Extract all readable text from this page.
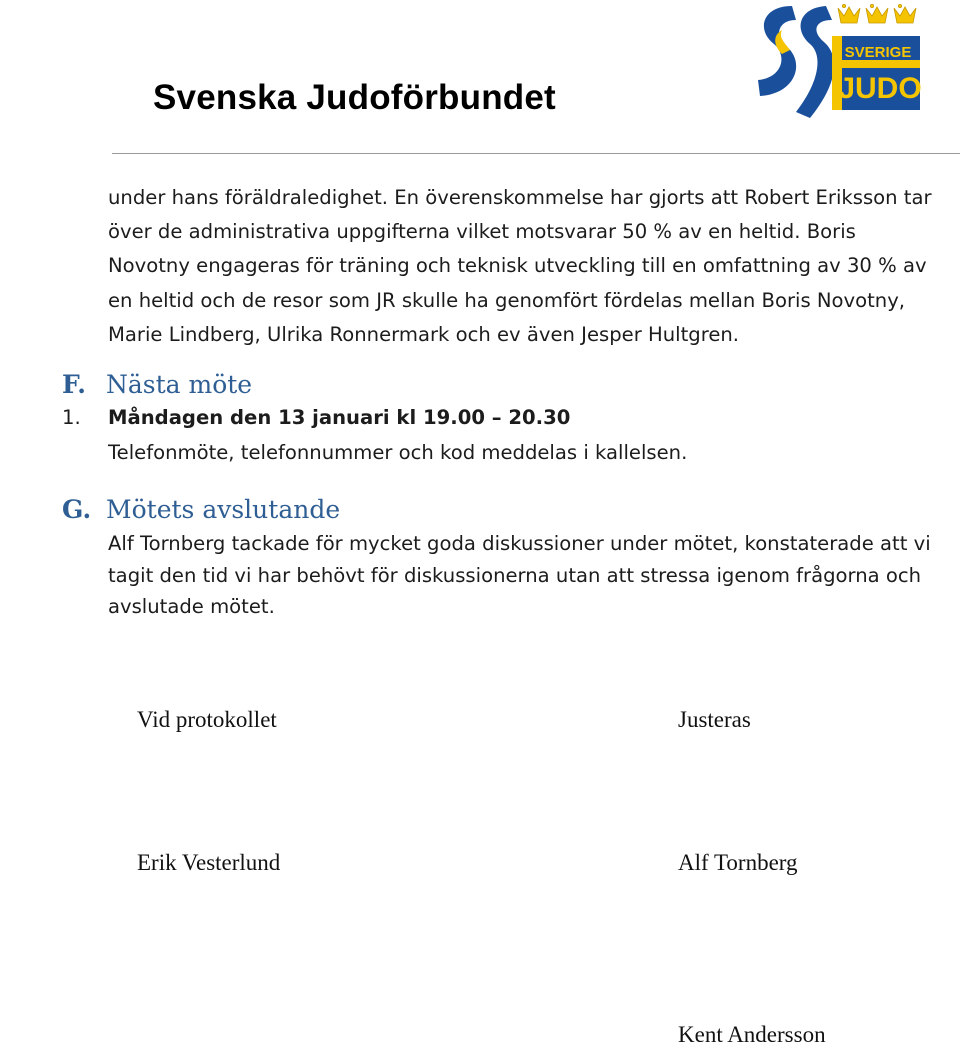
Svenska Judoförbundet
SVERIGE
JUDO
under hans föräldraledighet. En överenskommelse har gjorts att Robert Eriksson tar
över de administrativa uppgifterna vilket motsvarar 50 % av en heltid. Boris
Novotny engageras för träning och teknisk utveckling till en omfattning av 30 % av
en heltid och de resor som JR skulle ha genomfört fördelas mellan Boris Novotny,
Marie Lindberg, Ulrika Ronnermark och ev även Jesper Hultgren.
F. Nästa möte
1. Måndagen den 13 januari kl 19.00 – 20.30
Telefonmöte, telefonnummer och kod meddelas i kallelsen.
G. Mötets avslutande
Alf Tornberg tackade för mycket goda diskussioner under mötet, konstaterade att vi
tagit den tid vi har behövt för diskussionerna utan att stressa igenom frågorna och
avslutade mötet.
Vid protokollet	Justeras
Erik Vesterlund	Alf Tornberg
Kent Andersson
